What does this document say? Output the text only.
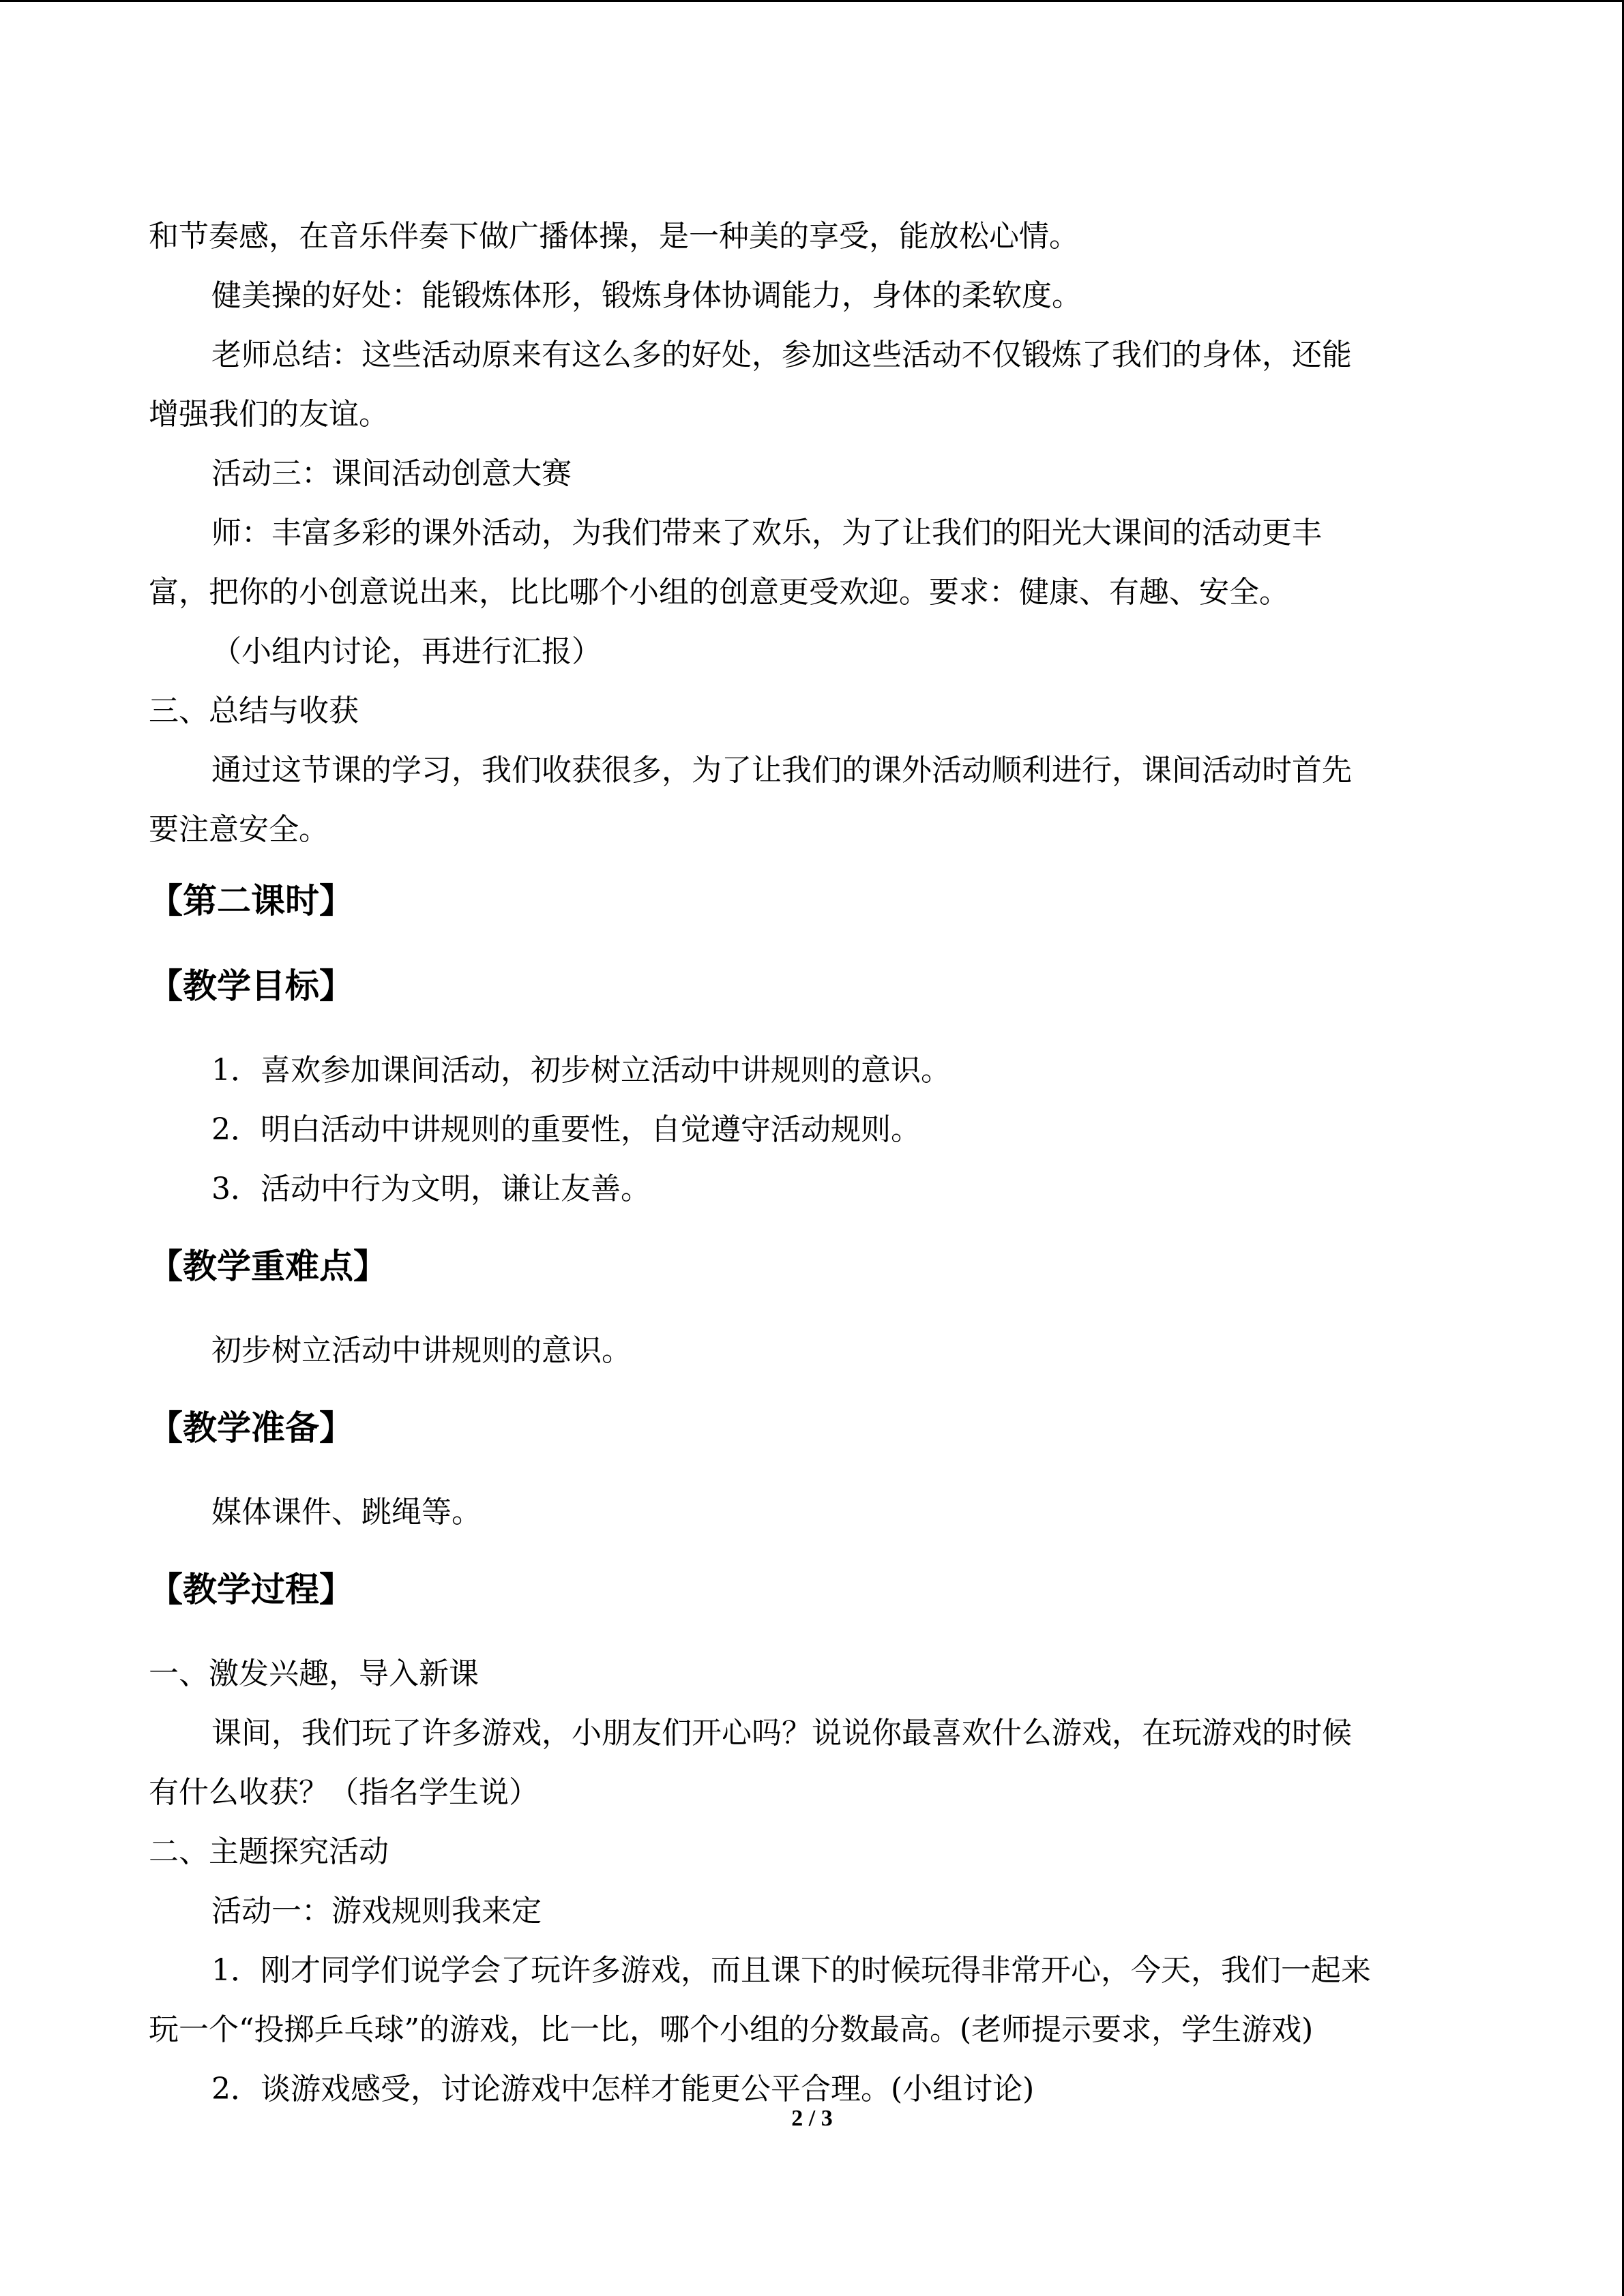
和节奏感，在音乐伴奏下做广播体操，是一种美的享受，能放松心情。

健美操的好处：能锻炼体形，锻炼身体协调能力，身体的柔软度。

老师总结：这些活动原来有这么多的好处，参加这些活动不仅锻炼了我们的身体，还能

增强我们的友谊。

活动三：课间活动创意大赛

师：丰富多彩的课外活动，为我们带来了欢乐，为了让我们的阳光大课间的活动更丰

富，把你的小创意说出来，比比哪个小组的创意更受欢迎。要求：健康、有趣、安全。

（小组内讨论，再进行汇报）

三、总结与收获

通过这节课的学习，我们收获很多，为了让我们的课外活动顺利进行，课间活动时首先

要注意安全。

【第二课时】

【教学目标】

1．喜欢参加课间活动，初步树立活动中讲规则的意识。

2．明白活动中讲规则的重要性，自觉遵守活动规则。

3．活动中行为文明，谦让友善。

【教学重难点】

初步树立活动中讲规则的意识。

【教学准备】

媒体课件、跳绳等。

【教学过程】

一、激发兴趣，导入新课

课间，我们玩了许多游戏，小朋友们开心吗？说说你最喜欢什么游戏，在玩游戏的时候

有什么收获？（指名学生说）

二、主题探究活动

活动一：游戏规则我来定

1．刚才同学们说学会了玩许多游戏，而且课下的时候玩得非常开心，今天，我们一起来

玩一个“投掷乒乓球”的游戏，比一比，哪个小组的分数最高。(老师提示要求，学生游戏)

2．谈游戏感受，讨论游戏中怎样才能更公平合理。(小组讨论)

2 / 3
